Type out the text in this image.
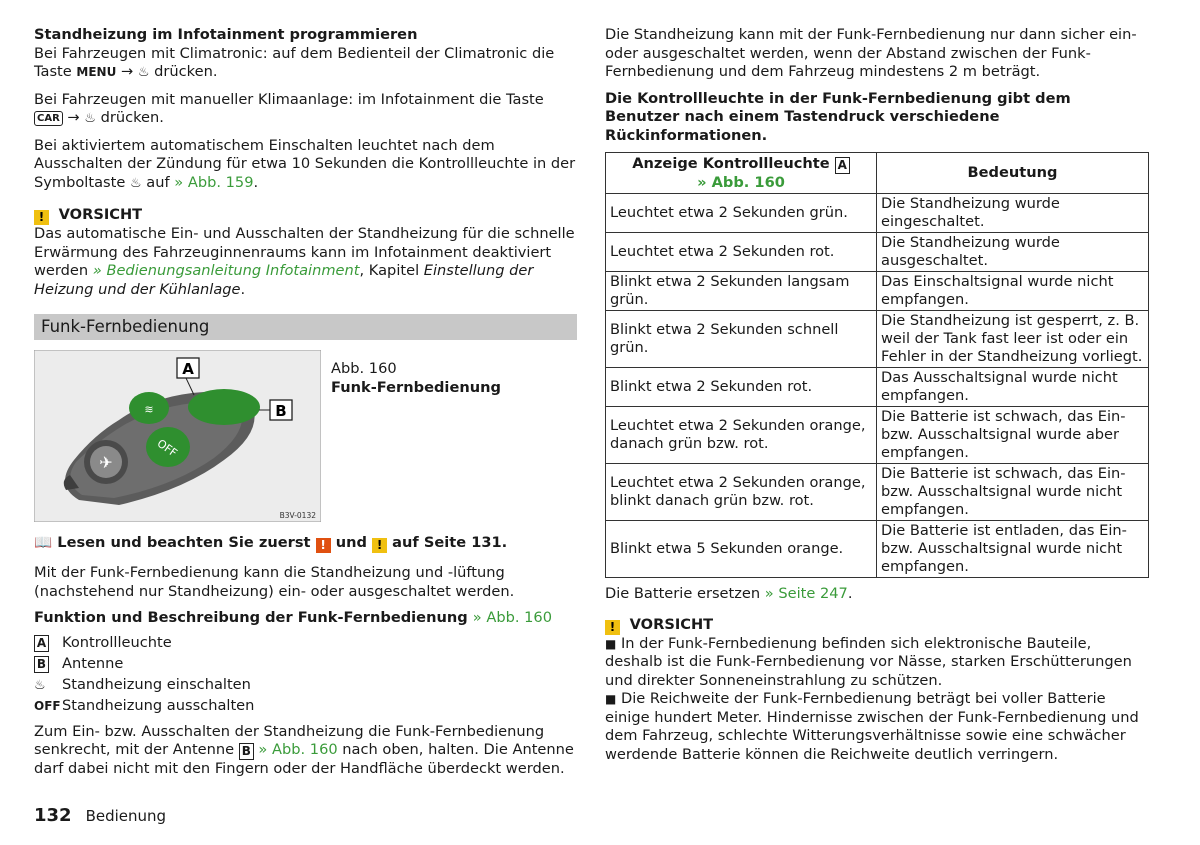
Standheizung im Infotainment programmieren

Bei Fahrzeugen mit Climatronic: auf dem Bedienteil der Climatronic die Taste MENU → ♨ drücken.

Bei Fahrzeugen mit manueller Klimaanlage: im Infotainment die Taste CAR → ♨ drücken.

Bei aktiviertem automatischem Einschalten leuchtet nach dem Ausschalten der Zündung für etwa 10 Sekunden die Kontrollleuchte in der Symboltaste ♨ auf » Abb. 159.

! VORSICHT

Das automatische Ein- und Ausschalten der Standheizung für die schnelle Erwärmung des Fahrzeuginnenraums kann im Infotainment deaktiviert werden » Bedienungsanleitung Infotainment, Kapitel Einstellung der Heizung und der Kühlanlage.

Funk-Fernbedienung
✈
≋
OFF
A
B
B3V-0132

Abb. 160

Funk-Fernbedienung

📖 Lesen und beachten Sie zuerst ! und ! auf Seite 131.

Mit der Funk-Fernbedienung kann die Standheizung und -lüftung (nachstehend nur Standheizung) ein- oder ausgeschaltet werden.

Funktion und Beschreibung der Funk-Fernbedienung » Abb. 160

A	Kontrollleuchte
B	Antenne
♨	Standheizung einschalten
OFF Standheizung ausschalten

Zum Ein- bzw. Ausschalten der Standheizung die Funk-Fernbedienung senkrecht, mit der Antenne B » Abb. 160 nach oben, halten. Die Antenne darf dabei nicht mit den Fingern oder der Handfläche überdeckt werden.

Die Standheizung kann mit der Funk-Fernbedienung nur dann sicher ein- oder ausgeschaltet werden, wenn der Abstand zwischen der Funk-Fernbedienung und dem Fahrzeug mindestens 2 m beträgt.

Die Kontrollleuchte in der Funk-Fernbedienung gibt dem Benutzer nach einem Tastendruck verschiedene Rückinformationen.

Anzeige Kontrollleuchte A
» Abb. 160	Bedeutung
Leuchtet etwa 2 Sekunden grün.	Die Standheizung wurde eingeschaltet.
Leuchtet etwa 2 Sekunden rot.	Die Standheizung wurde ausgeschaltet.
Blinkt etwa 2 Sekunden langsam grün.	Das Einschaltsignal wurde nicht empfangen.
Blinkt etwa 2 Sekunden schnell grün.	Die Standheizung ist gesperrt, z. B. weil der Tank fast leer ist oder ein Fehler in der Standheizung vorliegt.
Blinkt etwa 2 Sekunden rot.	Das Ausschaltsignal wurde nicht empfangen.
Leuchtet etwa 2 Sekunden orange, danach grün bzw. rot.	Die Batterie ist schwach, das Ein- bzw. Ausschaltsignal wurde aber empfangen.
Leuchtet etwa 2 Sekunden orange, blinkt danach grün bzw. rot.	Die Batterie ist schwach, das Ein- bzw. Ausschaltsignal wurde nicht empfangen.
Blinkt etwa 5 Sekunden orange.	Die Batterie ist entladen, das Ein- bzw. Ausschaltsignal wurde nicht empfangen.

Die Batterie ersetzen » Seite 247.

! VORSICHT

■ In der Funk-Fernbedienung befinden sich elektronische Bauteile, deshalb ist die Funk-Fernbedienung vor Nässe, starken Erschütterungen und direkter Sonneneinstrahlung zu schützen.

■ Die Reichweite der Funk-Fernbedienung beträgt bei voller Batterie einige hundert Meter. Hindernisse zwischen der Funk-Fernbedienung und dem Fahrzeug, schlechte Witterungsverhältnisse sowie eine schwächer werdende Batterie können die Reichweite deutlich verringern.

132 Bedienung
